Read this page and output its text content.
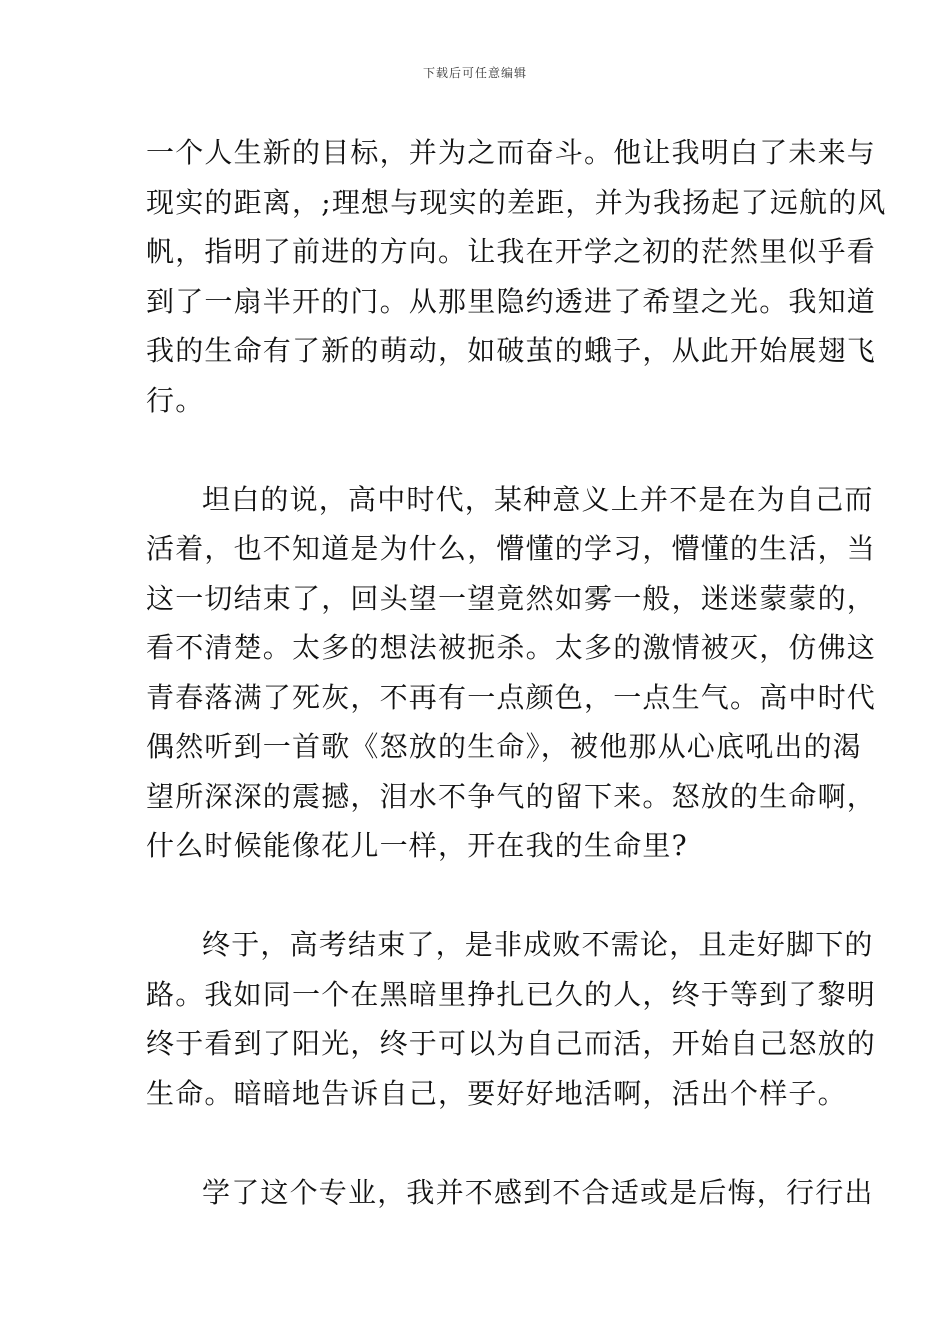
下载后可任意编辑
一个人生新的目标，并为之而奋斗。他让我明白了未来与
现实的距离，;理想与现实的差距，并为我扬起了远航的风
帆，指明了前进的方向。让我在开学之初的茫然里似乎看
到了一扇半开的门。从那里隐约透进了希望之光。我知道
我的生命有了新的萌动，如破茧的蛾子，从此开始展翅飞
行。
坦白的说，高中时代，某种意义上并不是在为自己而
活着，也不知道是为什么，懵懂的学习，懵懂的生活，当
这一切结束了，回头望一望竟然如雾一般，迷迷蒙蒙的，
看不清楚。太多的想法被扼杀。太多的激情被灭，仿佛这
青春落满了死灰，不再有一点颜色，一点生气。高中时代
偶然听到一首歌《怒放的生命》，被他那从心底吼出的渴
望所深深的震撼，泪水不争气的留下来。怒放的生命啊，
什么时候能像花儿一样，开在我的生命里?
终于，高考结束了，是非成败不需论，且走好脚下的
路。我如同一个在黑暗里挣扎已久的人，终于等到了黎明
终于看到了阳光，终于可以为自己而活，开始自己怒放的
生命。暗暗地告诉自己，要好好地活啊，活出个样子。
学了这个专业，我并不感到不合适或是后悔，行行出
